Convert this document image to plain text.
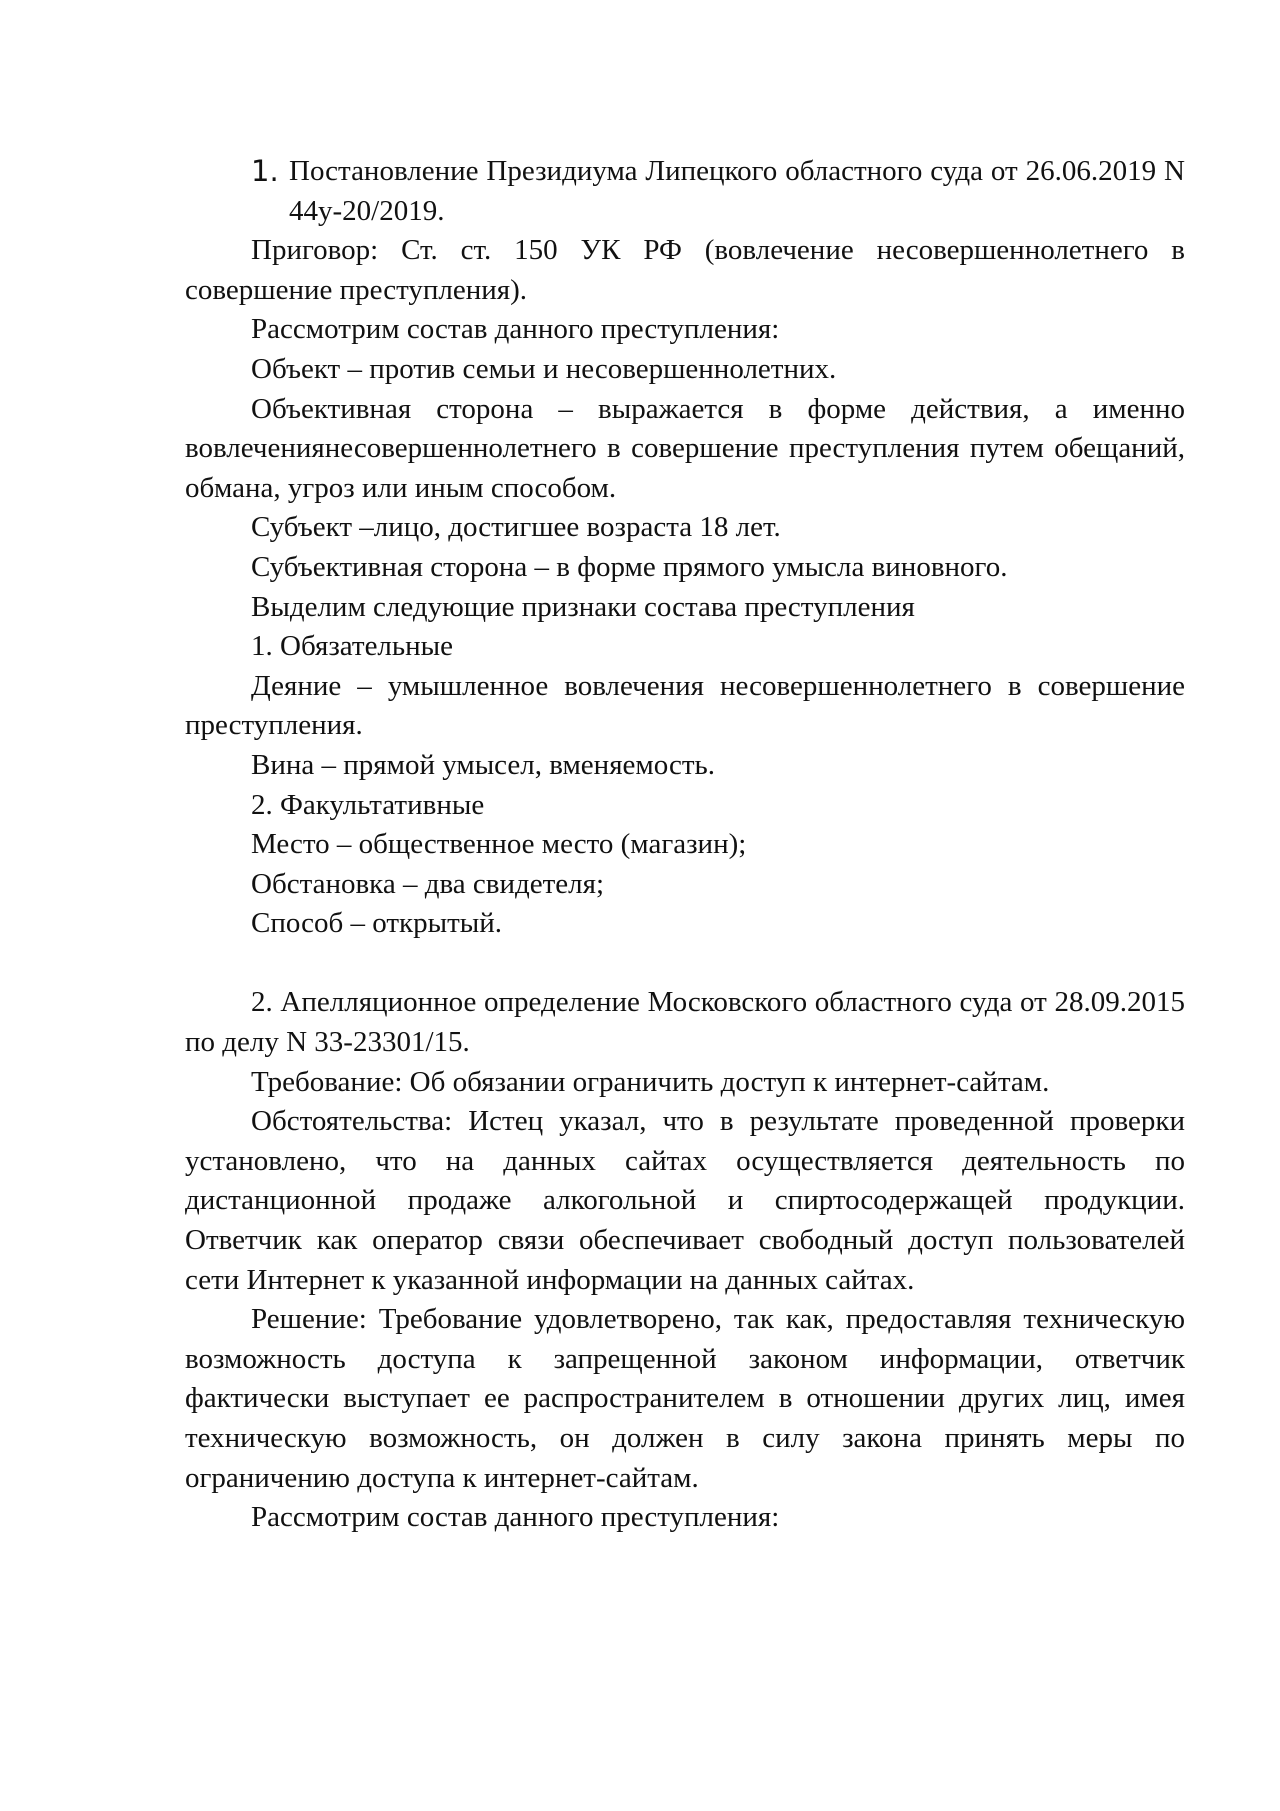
1. Постановление Президиума Липецкого областного суда от 26.06.2019 N 44у-20/2019.

Приговор: Ст. ст. 150 УК РФ (вовлечение несовершеннолетнего в совершение преступления).

Рассмотрим состав данного преступления:

Объект – против семьи и несовершеннолетних.

Объективная сторона – выражается в форме действия, а именно вовлечениянесовершеннолетнего в совершение преступления путем обещаний, обмана, угроз или иным способом.

Субъект –лицо, достигшее возраста 18 лет.

Субъективная сторона – в форме прямого умысла виновного.

Выделим следующие признаки состава преступления

1. Обязательные

Деяние – умышленное вовлечения несовершеннолетнего в совершение преступления.

Вина – прямой умысел, вменяемость.

2. Факультативные

Место – общественное место (магазин);

Обстановка – два свидетеля;

Способ – открытый.

2. Апелляционное определение Московского областного суда от 28.09.2015 по делу N 33-23301/15.

Требование: Об обязании ограничить доступ к интернет-сайтам.

Обстоятельства: Истец указал, что в результате проведенной проверки установлено, что на данных сайтах осуществляется деятельность по дистанционной продаже алкогольной и спиртосодержащей продукции. Ответчик как оператор связи обеспечивает свободный доступ пользователей сети Интернет к указанной информации на данных сайтах.

Решение: Требование удовлетворено, так как, предоставляя техническую возможность доступа к запрещенной законом информации, ответчик фактически выступает ее распространителем в отношении других лиц, имея техническую возможность, он должен в силу закона принять меры по ограничению доступа к интернет-сайтам.

Рассмотрим состав данного преступления:
